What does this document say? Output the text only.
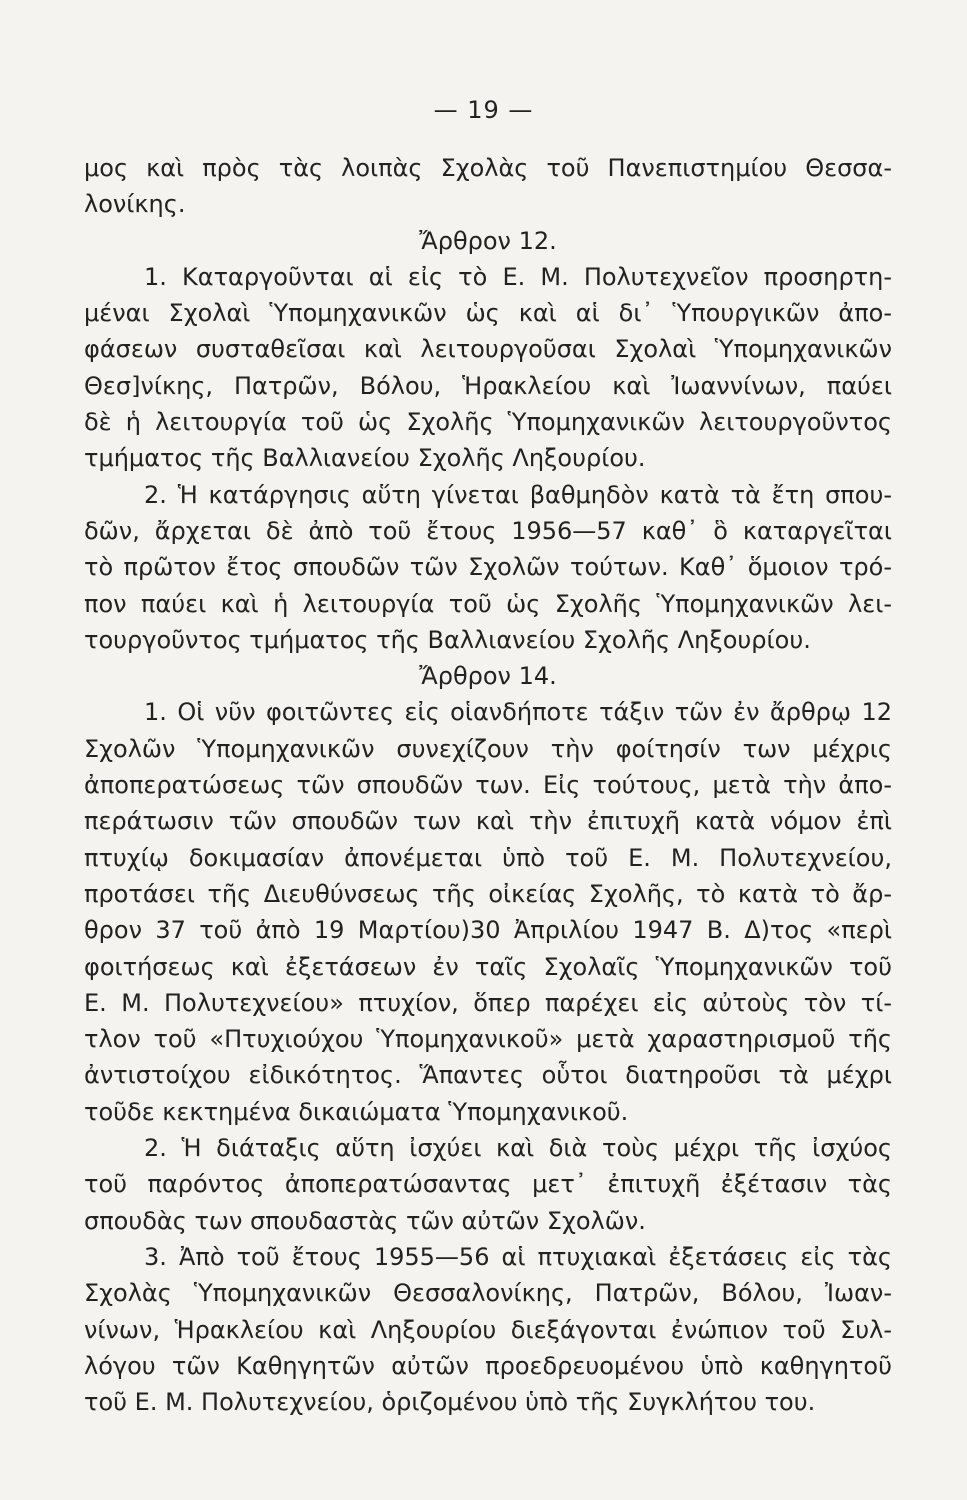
— 19 —
μος καὶ πρὸς τὰς λοιπὰς Σχολὰς τοῦ Πανεπιστημίου Θεσσα-
λονίκης.
Ἄρθρον 12.
1. Καταργοῦνται αἱ εἰς τὸ Ε. Μ. Πολυτεχνεῖον προσηρτη-
μέναι Σχολαὶ Ὑπομηχανικῶν ὡς καὶ αἱ δι᾽ Ὑπουργικῶν ἀπο-
φάσεων συσταθεῖσαι καὶ λειτουργοῦσαι Σχολαὶ Ὑπομηχανικῶν
Θεσ]νίκης, Πατρῶν, Βόλου, Ἡρακλείου καὶ Ἰωαννίνων, παύει
δὲ ἡ λειτουργία τοῦ ὡς Σχολῆς Ὑπομηχανικῶν λειτουργοῦντος
τμήματος τῆς Βαλλιανείου Σχολῆς Ληξουρίου.
2. Ἡ κατάργησις αὕτη γίνεται βαθμηδὸν κατὰ τὰ ἔτη σπου-
δῶν, ἄρχεται δὲ ἀπὸ τοῦ ἔτους 1956—57 καθ᾽ ὃ καταργεῖται
τὸ πρῶτον ἔτος σπουδῶν τῶν Σχολῶν τούτων. Καθ᾽ ὅμοιον τρό-
πον παύει καὶ ἡ λειτουργία τοῦ ὡς Σχολῆς Ὑπομηχανικῶν λει-
τουργοῦντος τμήματος τῆς Βαλλιανείου Σχολῆς Ληξουρίου.
Ἄρθρον 14.
1. Οἱ νῦν φοιτῶντες εἰς οἱανδήποτε τάξιν τῶν ἐν ἄρθρῳ 12
Σχολῶν Ὑπομηχανικῶν συνεχίζουν τὴν φοίτησίν των μέχρις
ἀποπερατώσεως τῶν σπουδῶν των. Εἰς τούτους, μετὰ τὴν ἀπο-
περάτωσιν τῶν σπουδῶν των καὶ τὴν ἐπιτυχῆ κατὰ νόμον ἐπὶ
πτυχίῳ δοκιμασίαν ἀπονέμεται ὑπὸ τοῦ Ε. Μ. Πολυτεχνείου,
προτάσει τῆς Διευθύνσεως τῆς οἰκείας Σχολῆς, τὸ κατὰ τὸ ἄρ-
θρον 37 τοῦ ἀπὸ 19 Μαρτίου)30 Ἀπριλίου 1947 Β. Δ)τος «περὶ
φοιτήσεως καὶ ἐξετάσεων ἐν ταῖς Σχολαῖς Ὑπομηχανικῶν τοῦ
Ε. Μ. Πολυτεχνείου» πτυχίον, ὅπερ παρέχει εἰς αὐτοὺς τὸν τί-
τλον τοῦ «Πτυχιούχου Ὑπομηχανικοῦ» μετὰ χαραστηρισμοῦ τῆς
ἀντιστοίχου εἰδικότητος. Ἅπαντες οὗτοι διατηροῦσι τὰ μέχρι
τοῦδε κεκτημένα δικαιώματα Ὑπομηχανικοῦ.
2. Ἡ διάταξις αὕτη ἰσχύει καὶ διὰ τοὺς μέχρι τῆς ἰσχύος
τοῦ παρόντος ἀποπερατώσαντας μετ᾽ ἐπιτυχῆ ἐξέτασιν τὰς
σπουδὰς των σπουδαστὰς τῶν αὐτῶν Σχολῶν.
3. Ἀπὸ τοῦ ἔτους 1955—56 αἱ πτυχιακαὶ ἐξετάσεις εἰς τὰς
Σχολὰς Ὑπομηχανικῶν Θεσσαλονίκης, Πατρῶν, Βόλου, Ἰωαν-
νίνων, Ἡρακλείου καὶ Ληξουρίου διεξάγονται ἐνώπιον τοῦ Συλ-
λόγου τῶν Καθηγητῶν αὐτῶν προεδρευομένου ὑπὸ καθηγητοῦ
τοῦ Ε. Μ. Πολυτεχνείου, ὁριζομένου ὑπὸ τῆς Συγκλήτου του.
